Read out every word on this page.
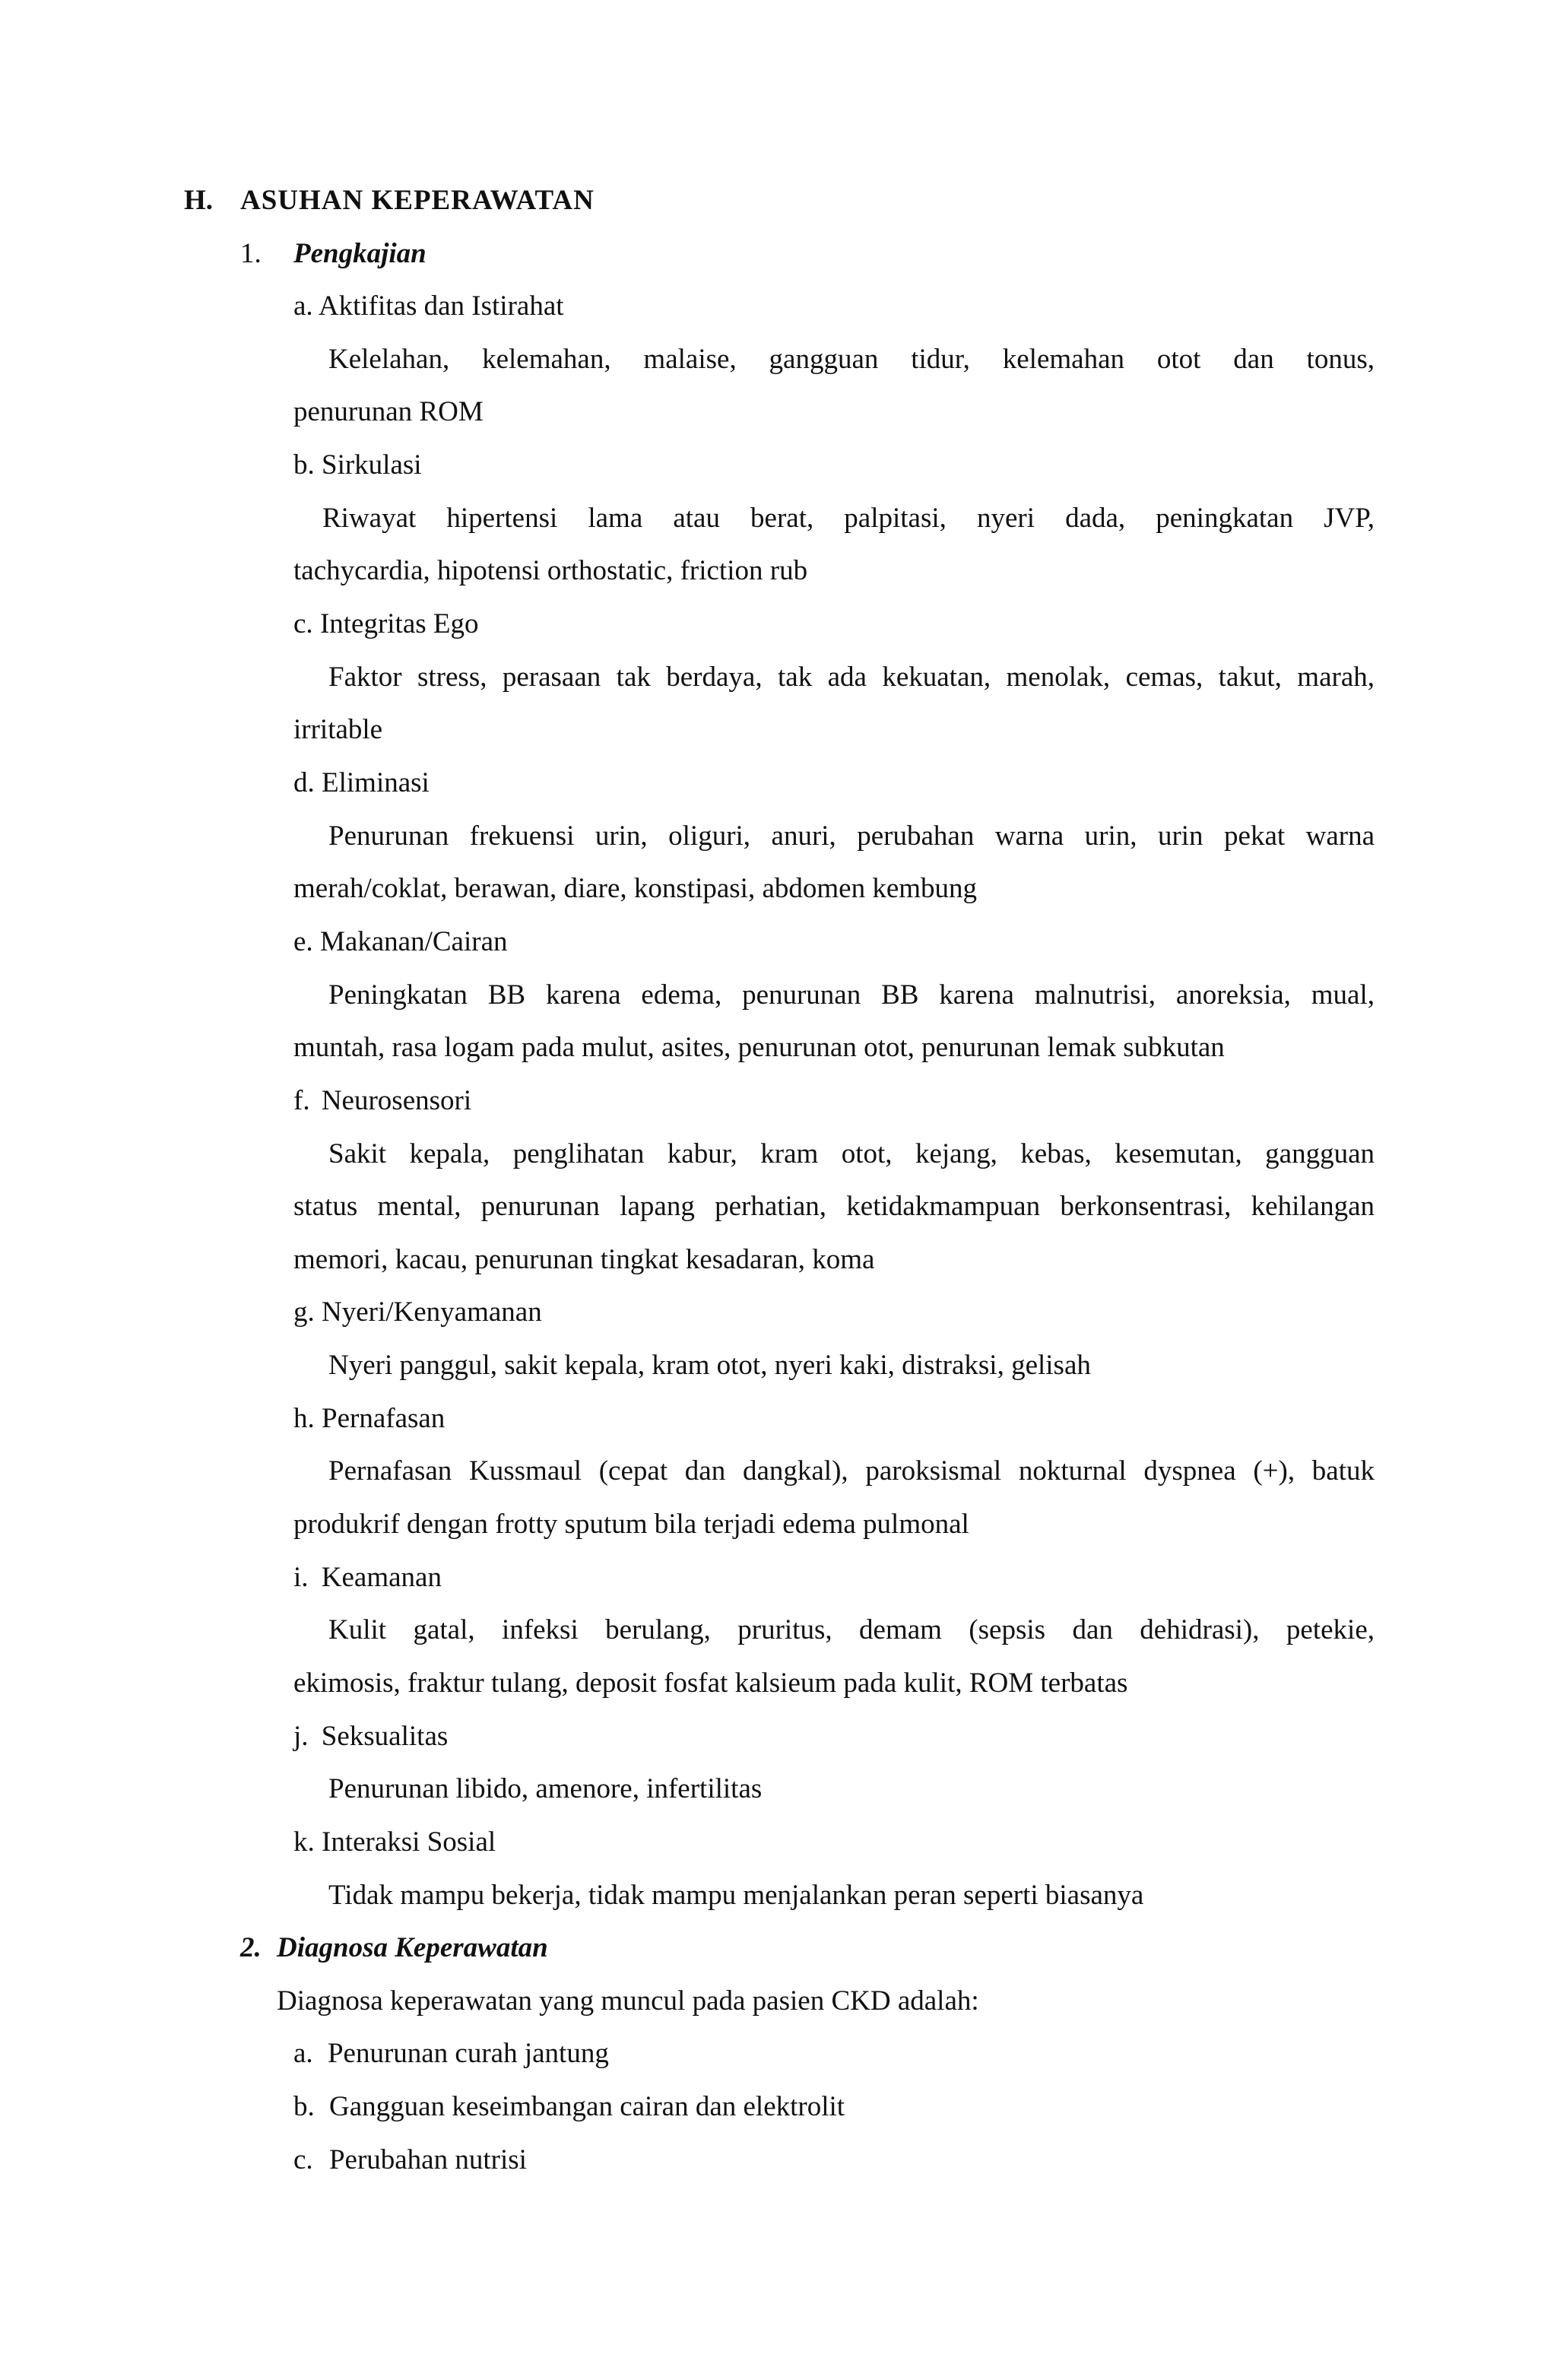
H. ASUHAN KEPERAWATAN
1. Pengkajian
a. Aktifitas dan Istirahat
Kelelahan, kelemahan, malaise, gangguan tidur, kelemahan otot dan tonus,
penurunan ROM
b. Sirkulasi
Riwayat hipertensi lama atau berat, palpitasi, nyeri dada, peningkatan JVP,
tachycardia, hipotensi orthostatic, friction rub
c. Integritas Ego
Faktor stress, perasaan tak berdaya, tak ada kekuatan, menolak, cemas, takut, marah,
irritable
d. Eliminasi
Penurunan frekuensi urin, oliguri, anuri, perubahan warna urin, urin pekat warna
merah/coklat, berawan, diare, konstipasi, abdomen kembung
e. Makanan/Cairan
Peningkatan BB karena edema, penurunan BB karena malnutrisi, anoreksia, mual,
muntah, rasa logam pada mulut, asites, penurunan otot, penurunan lemak subkutan
f. Neurosensori
Sakit kepala, penglihatan kabur, kram otot, kejang, kebas, kesemutan, gangguan
status mental, penurunan lapang perhatian, ketidakmampuan berkonsentrasi, kehilangan
memori, kacau, penurunan tingkat kesadaran, koma
g. Nyeri/Kenyamanan
Nyeri panggul, sakit kepala, kram otot, nyeri kaki, distraksi, gelisah
h. Pernafasan
Pernafasan Kussmaul (cepat dan dangkal), paroksismal nokturnal dyspnea (+), batuk
produkrif dengan frotty sputum bila terjadi edema pulmonal
i. Keamanan
Kulit gatal, infeksi berulang, pruritus, demam (sepsis dan dehidrasi), petekie,
ekimosis, fraktur tulang, deposit fosfat kalsieum pada kulit, ROM terbatas
j. Seksualitas
Penurunan libido, amenore, infertilitas
k. Interaksi Sosial
Tidak mampu bekerja, tidak mampu menjalankan peran seperti biasanya
2. Diagnosa Keperawatan
Diagnosa keperawatan yang muncul pada pasien CKD adalah:
a. Penurunan curah jantung
b. Gangguan keseimbangan cairan dan elektrolit
c. Perubahan nutrisi
